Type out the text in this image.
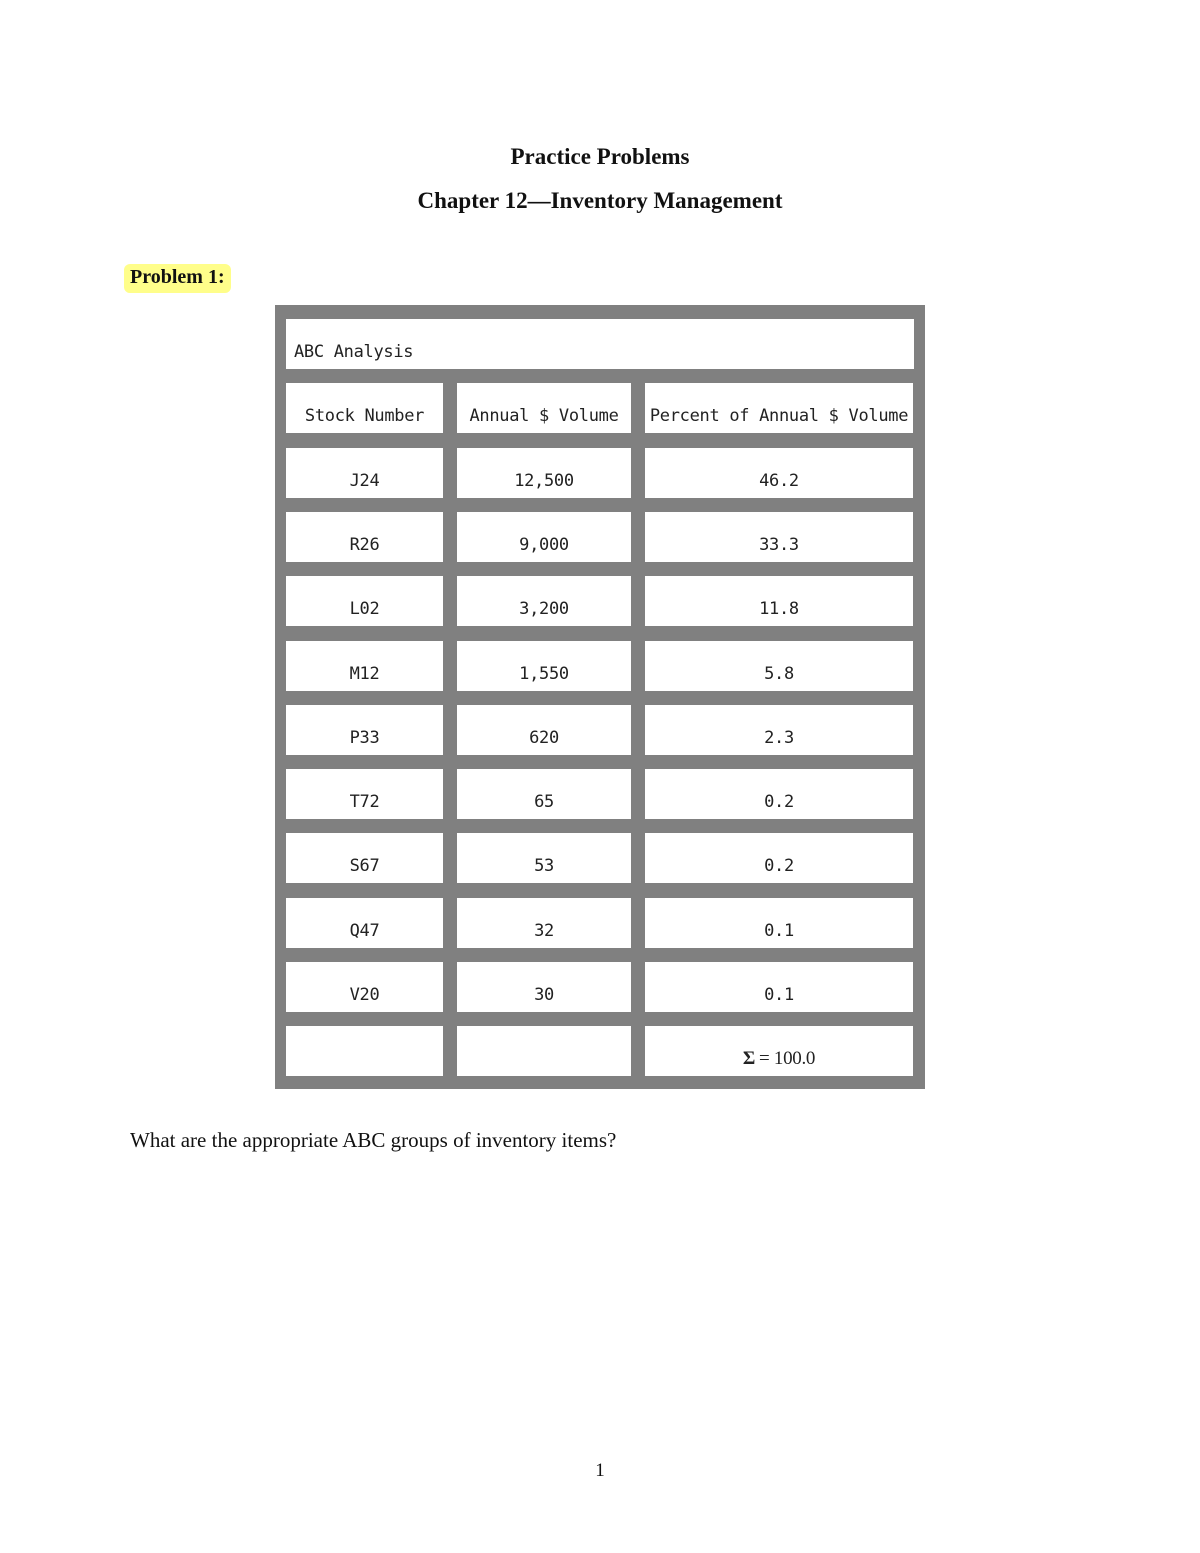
Practice Problems
Chapter 12—Inventory Management
Problem 1:
ABC Analysis
Stock Number	Annual $ Volume	Percent of Annual $ Volume
J24	12,500	46.2
R26	9,000	33.3
L02	3,200	11.8
M12	1,550	5.8
P33	620	2.3
T72	65	0.2
S67	53	0.2
Q47	32	0.1
V20	30	0.1
Σ = 100.0

What are the appropriate ABC groups of inventory items?

1
